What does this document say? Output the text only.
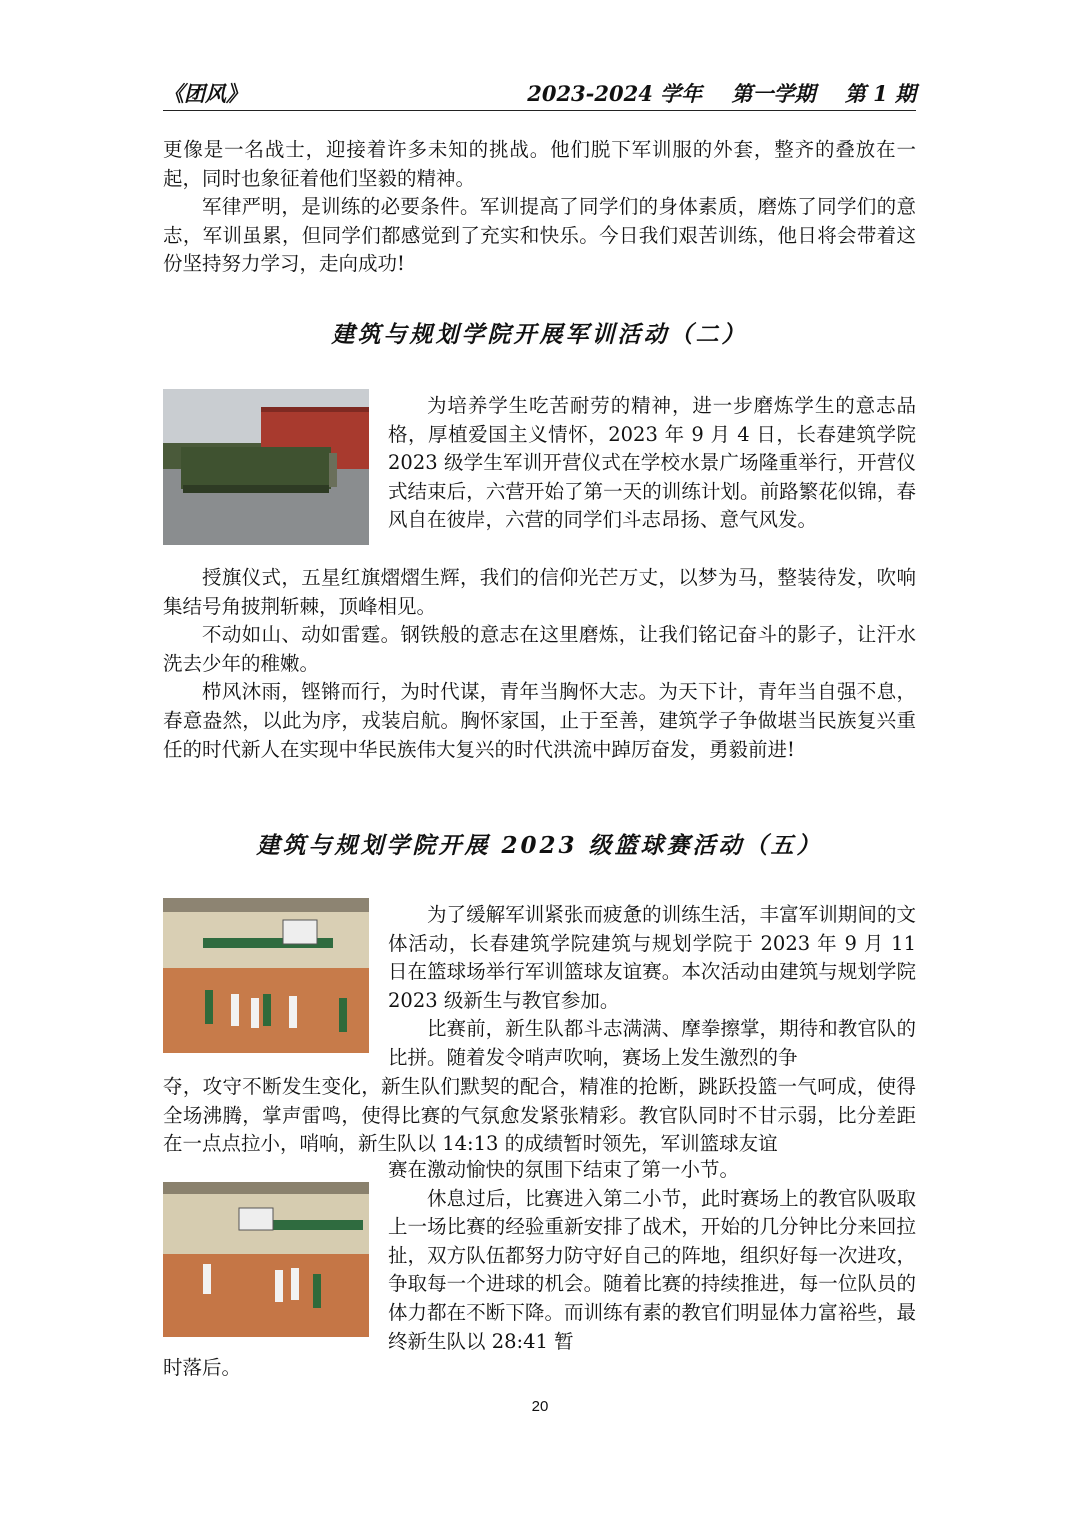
《团风》	2023-2024 学年 第一学期 第 1 期

更像是一名战士，迎接着许多未知的挑战。他们脱下军训服的外套，整齐的叠放在一起，同时也象征着他们坚毅的精神。

军律严明，是训练的必要条件。军训提高了同学们的身体素质，磨炼了同学们的意志，军训虽累，但同学们都感觉到了充实和快乐。今日我们艰苦训练，他日将会带着这份坚持努力学习，走向成功!

建筑与规划学院开展军训活动（二）

为培养学生吃苦耐劳的精神，进一步磨炼学生的意志品格，厚植爱国主义情怀，2023 年 9 月 4 日，长春建筑学院 2023 级学生军训开营仪式在学校水景广场隆重举行，开营仪式结束后，六营开始了第一天的训练计划。前路繁花似锦，春风自在彼岸，六营的同学们斗志昂扬、意气风发。

授旗仪式，五星红旗熠熠生辉，我们的信仰光芒万丈，以梦为马，整装待发，吹响集结号角披荆斩棘，顶峰相见。

不动如山、动如雷霆。钢铁般的意志在这里磨炼，让我们铭记奋斗的影子，让汗水洗去少年的稚嫩。

栉风沐雨，铿锵而行，为时代谋，青年当胸怀大志。为天下计，青年当自强不息，春意盎然，以此为序，戎装启航。胸怀家国，止于至善，建筑学子争做堪当民族复兴重任的时代新人在实现中华民族伟大复兴的时代洪流中踔厉奋发，勇毅前进!

建筑与规划学院开展 2023 级篮球赛活动（五）

为了缓解军训紧张而疲惫的训练生活，丰富军训期间的文体活动，长春建筑学院建筑与规划学院于 2023 年 9 月 11 日在篮球场举行军训篮球友谊赛。本次活动由建筑与规划学院 2023 级新生与教官参加。

比赛前，新生队都斗志满满、摩拳擦掌，期待和教官队的比拼。随着发令哨声吹响，赛场上发生激烈的争

夺，攻守不断发生变化，新生队们默契的配合，精准的抢断，跳跃投篮一气呵成，使得全场沸腾，掌声雷鸣，使得比赛的气氛愈发紧张精彩。教官队同时不甘示弱，比分差距在一点点拉小，哨响，新生队以 14:13 的成绩暂时领先，军训篮球友谊

赛在激动愉快的氛围下结束了第一小节。

休息过后，比赛进入第二小节，此时赛场上的教官队吸取上一场比赛的经验重新安排了战术，开始的几分钟比分来回拉扯，双方队伍都努力防守好自己的阵地，组织好每一次进攻，争取每一个进球的机会。随着比赛的持续推进，每一位队员的体力都在不断下降。而训练有素的教官们明显体力富裕些，最终新生队以 28:41 暂

时落后。

20
